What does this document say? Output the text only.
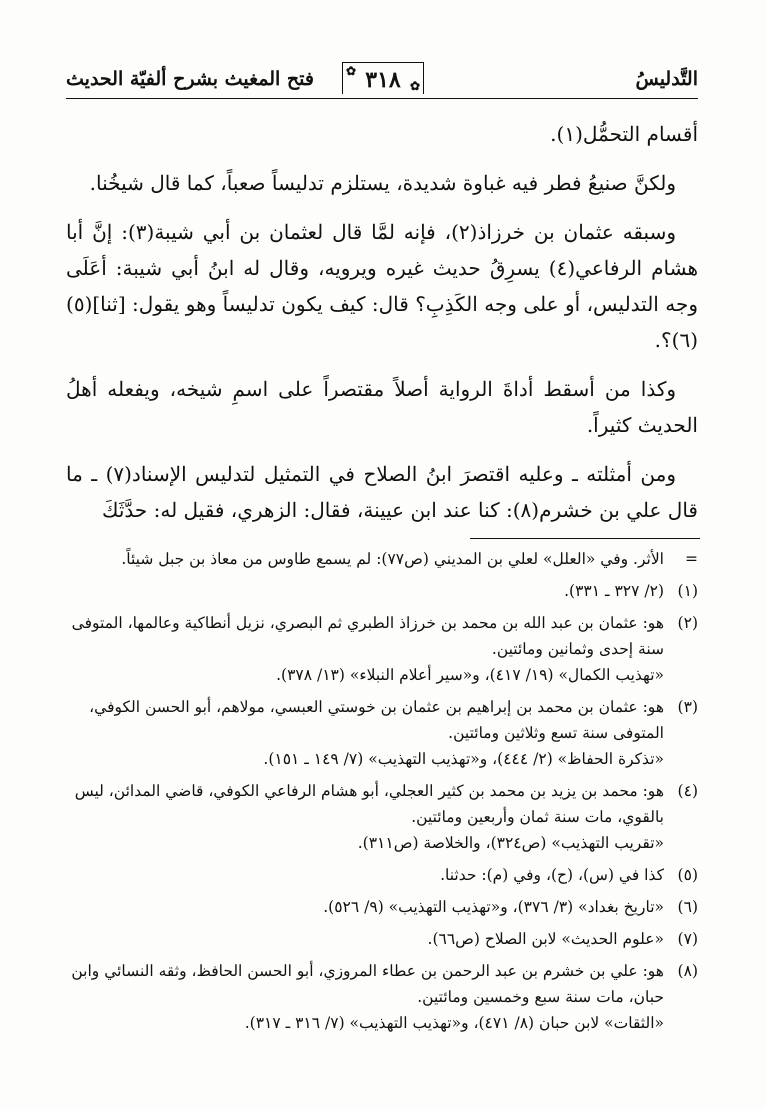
التَّدليسُ
✿ ٣١٨ ✿
فتح المغيث بشرح ألفيّة الحديث

أقسام التحمُّل(١).

ولكنَّ صنيعُ فطر فيه غباوة شديدة، يستلزم تدليساً صعباً، كما قال شيخُنا.

وسبقه عثمان بن خرزاذ(٢)، فإنه لمَّا قال لعثمان بن أبي شيبة(٣): إنَّ أبا هشام الرفاعي(٤) يسرِقُ حديث غيره ويرويه، وقال له ابنُ أبي شيبة: أعَلَى وجه التدليس، أو على وجه الكَذِبِ؟ قال: كيف يكون تدليساً وهو يقول: [ثنا](٥)(٦)؟.

وكذا من أسقط أداةَ الرواية أصلاً مقتصراً على اسمِ شيخه، ويفعله أهلُ الحديث كثيراً.

ومن أمثلته ـ وعليه اقتصرَ ابنُ الصلاح في التمثيل لتدليس الإسناد(٧) ـ ما قال علي بن خشرم(٨): كنا عند ابن عيينة، فقال: الزهري، فقيل له: حدَّثَكَ

=
الأثر. وفي «العلل» لعلي بن المديني (ص٧٧): لم يسمع طاوس من معاذ بن جبل شيئاً.
(١)
(٢/ ٣٢٧ ـ ٣٣١).
(٢)
هو: عثمان بن عبد الله بن محمد بن خرزاذ الطبري ثم البصري، نزيل أنطاكية وعالمها، المتوفى سنة إحدى وثمانين ومائتين.
«تهذيب الكمال» (١٩/ ٤١٧)، و«سير أعلام النبلاء» (١٣/ ٣٧٨).
(٣)
هو: عثمان بن محمد بن إبراهيم بن عثمان بن خوستي العبسي، مولاهم، أبو الحسن الكوفي، المتوفى سنة تسع وثلاثين ومائتين.
«تذكرة الحفاظ» (٢/ ٤٤٤)، و«تهذيب التهذيب» (٧/ ١٤٩ ـ ١٥١).
(٤)
هو: محمد بن يزيد بن محمد بن كثير العجلي، أبو هشام الرفاعي الكوفي، قاضي المدائن، ليس بالقوي، مات سنة ثمان وأربعين ومائتين.
«تقريب التهذيب» (ص٣٢٤)، والخلاصة (ص٣١١).
(٥)
كذا في (س)، (ح)، وفي (م): حدثنا.
(٦)
«تاريخ بغداد» (٣/ ٣٧٦)، و«تهذيب التهذيب» (٩/ ٥٢٦).
(٧)
«علوم الحديث» لابن الصلاح (ص٦٦).
(٨)
هو: علي بن خشرم بن عبد الرحمن بن عطاء المروزي، أبو الحسن الحافظ، وثقه النسائي وابن حبان، مات سنة سبع وخمسين ومائتين.
«الثقات» لابن حبان (٨/ ٤٧١)، و«تهذيب التهذيب» (٧/ ٣١٦ ـ ٣١٧).
